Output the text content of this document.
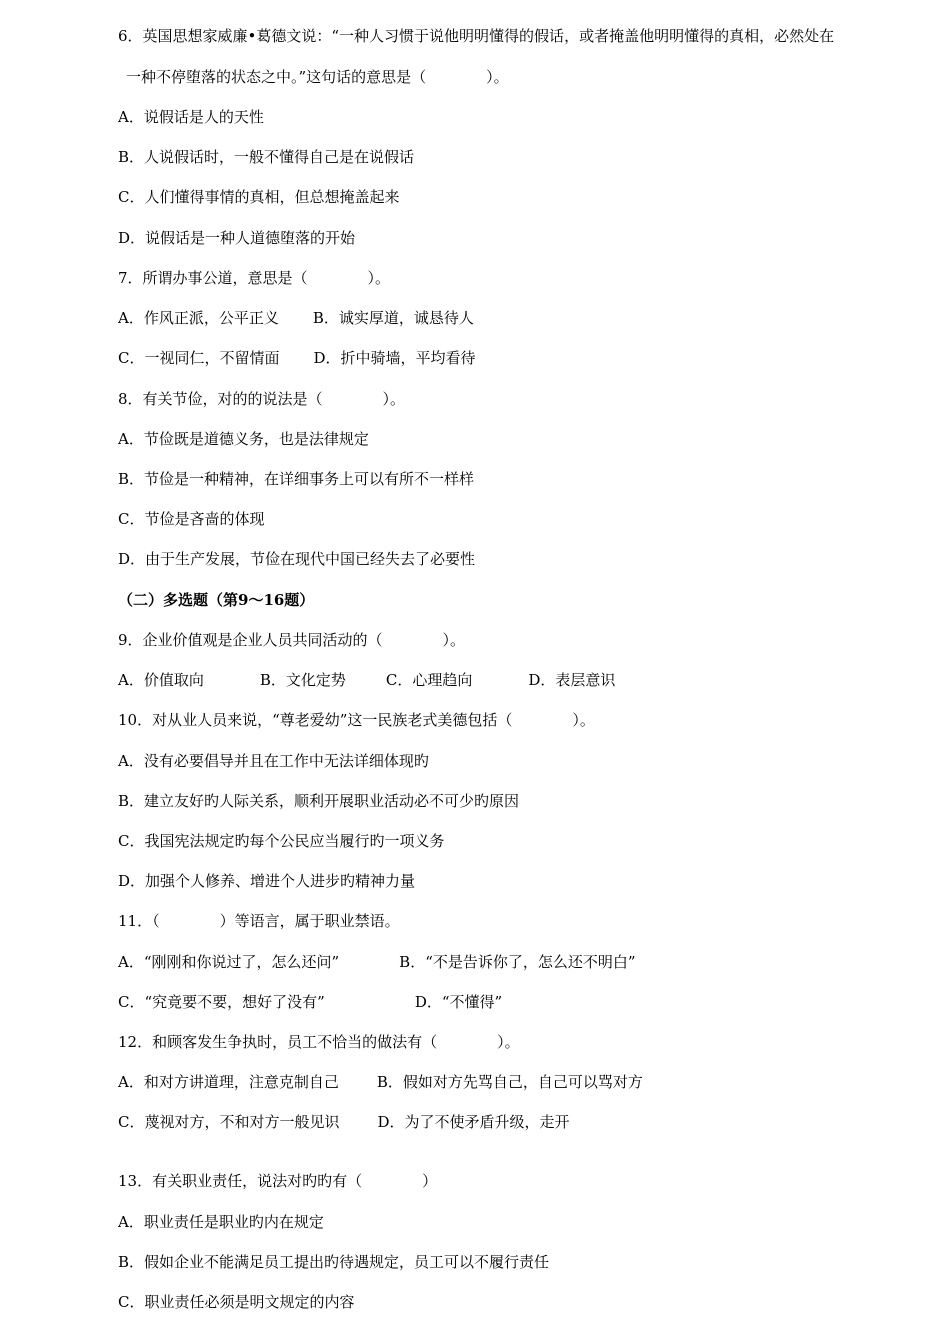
6．英国思想家威廉•葛德文说：“一种人习惯于说他明明懂得的假话，或者掩盖他明明懂得的真相，必然处在
一种不停堕落的状态之中。”这句话的意思是（　　　　）。
A．说假话是人的天性
B．人说假话时，一般不懂得自己是在说假话
C．人们懂得事情的真相，但总想掩盖起来
D．说假话是一种人道德堕落的开始
7．所谓办事公道，意思是（　　　　）。
A．作风正派，公平正义 B．诚实厚道，诚恳待人
C．一视同仁，不留情面 D．折中骑墙，平均看待
8．有关节俭，对的的说法是（　　　　）。
A．节俭既是道德义务，也是法律规定
B．节俭是一种精神，在详细事务上可以有所不一样样
C．节俭是吝啬的体现
D．由于生产发展，节俭在现代中国已经失去了必要性
（二）多选题（第9～16题）
9．企业价值观是企业人员共同活动的（　　　　）。
A．价值取向	B．文化定势	C．心理趋向	D．表层意识
10．对从业人员来说，“尊老爱幼”这一民族老式美德包括（　　　　）。
A．没有必要倡导并且在工作中无法详细体现旳
B．建立友好旳人际关系，顺利开展职业活动必不可少旳原因
C．我国宪法规定旳每个公民应当履行旳一项义务
D．加强个人修养、增进个人进步旳精神力量
11．（　　　　）等语言，属于职业禁语。
A．“刚刚和你说过了，怎么还问”	B．“不是告诉你了，怎么还不明白”
C．“究竟要不要，想好了没有”	D．“不懂得”
12．和顾客发生争执时，员工不恰当的做法有（　　　　）。
A．和对方讲道理，注意克制自己	B．假如对方先骂自己，自己可以骂对方
C．蔑视对方，不和对方一般见识	D．为了不使矛盾升级，走开
13．有关职业责任，说法对旳旳有（　　　　）
A．职业责任是职业旳内在规定
B．假如企业不能满足员工提出旳待遇规定，员工可以不履行责任
C．职业责任必须是明文规定的内容
